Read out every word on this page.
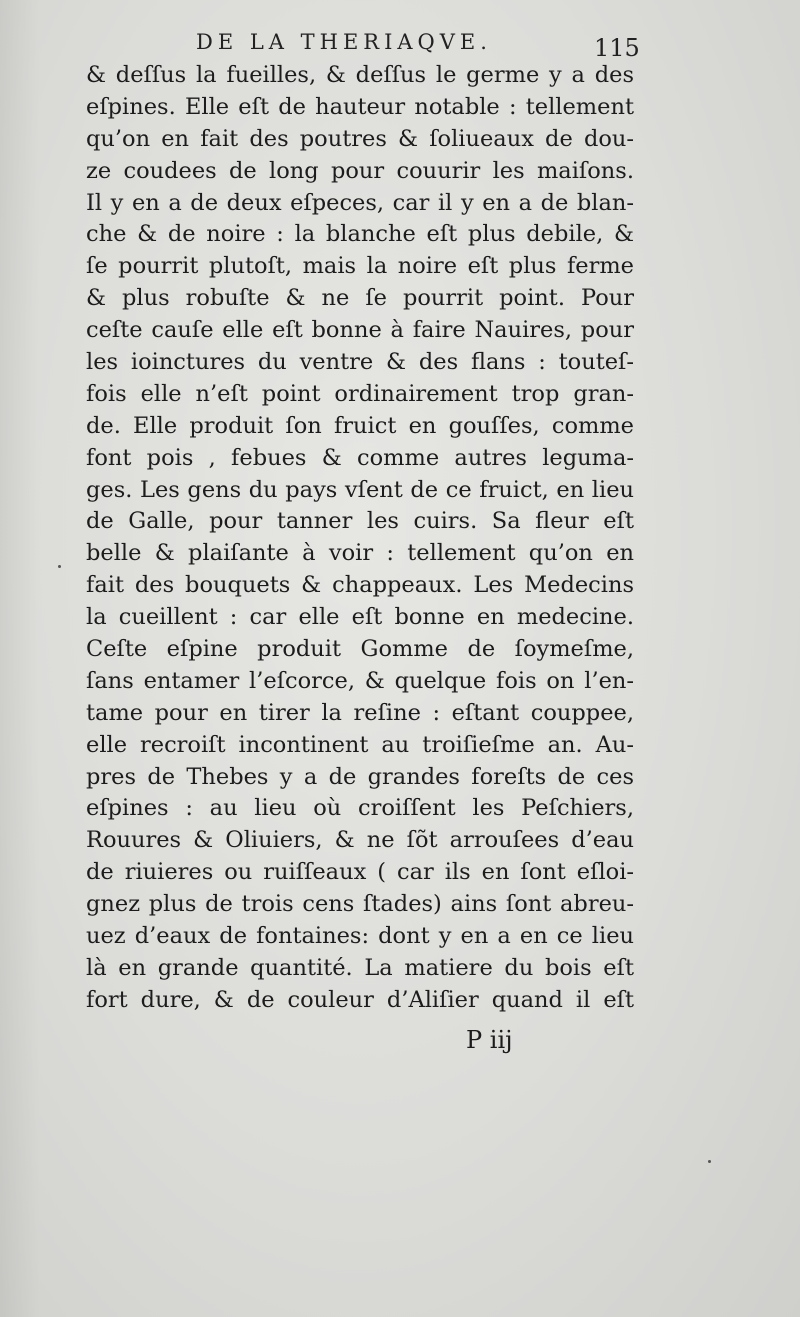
DE LA THERIAQVE.	115
& deſſus la fueilles, & deſſus le germe y a des
eſpines. Elle eſt de hauteur notable : tellement
qu’on en fait des poutres & ſoliueaux de dou-
ze coudees de long pour couurir les maiſons.
Il y en a de deux eſpeces, car il y en a de blan-
che & de noire : la blanche eſt plus debile, &
ſe pourrit plutoſt, mais la noire eſt plus ferme
& plus robuſte & ne ſe pourrit point. Pour
ceſte cauſe elle eſt bonne à faire Nauires, pour
les ioinctures du ventre & des flans : touteſ-
fois elle n’eſt point ordinairement trop gran-
de. Elle produit ſon fruict en gouſſes, comme
font pois , febues & comme autres leguma-
ges. Les gens du pays vſent de ce fruict, en lieu
de Galle, pour tanner les cuirs. Sa fleur eſt
belle & plaiſante à voir : tellement qu’on en
fait des bouquets & chappeaux. Les Medecins
la cueillent : car elle eſt bonne en medecine.
Ceſte eſpine produit Gomme de ſoymeſme,
ſans entamer l’eſcorce, & quelque fois on l’en-
tame pour en tirer la reſine : eſtant couppee,
elle recroiſt incontinent au troiſieſme an. Au-
pres de Thebes y a de grandes foreſts de ces
eſpines : au lieu où croiſſent les Peſchiers,
Rouures & Oliuiers, & ne ſõt arrouſees d’eau
de riuieres ou ruiſſeaux ( car ils en ſont eſloi-
gnez plus de trois cens ſtades) ains ſont abreu-
uez d’eaux de fontaines: dont y en a en ce lieu
là en grande quantité. La matiere du bois eſt
fort dure, & de couleur d’Aliſier quand il eſt
P iij
